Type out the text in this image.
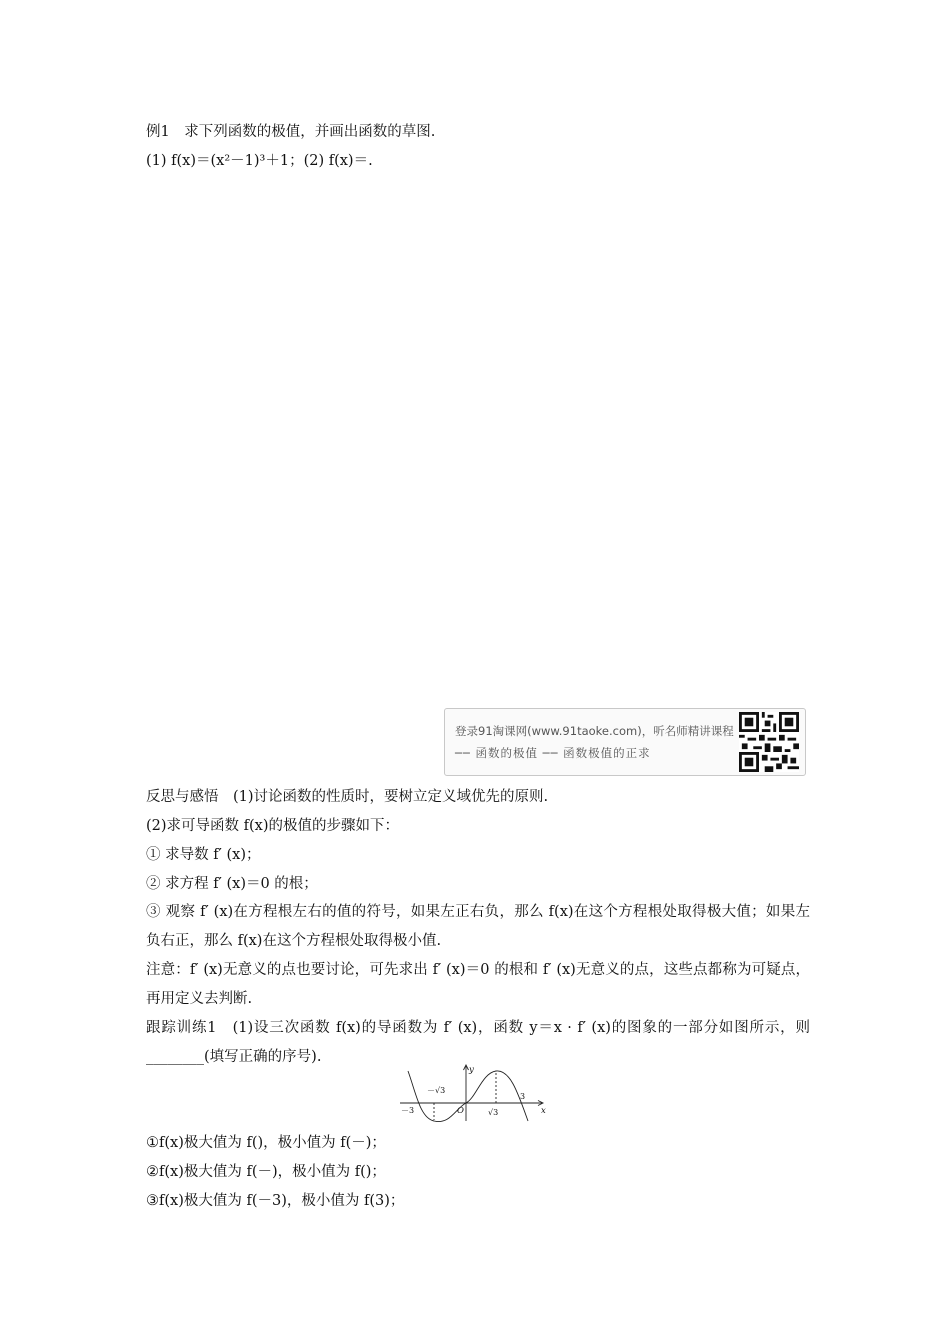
例1　求下列函数的极值，并画出函数的草图.
(1) f(x)＝(x²－1)³＋1；(2) f(x)＝.
登录91淘课网(www.91taoke.com)，听名师精讲课程
── 函数的极值 ── 函数极值的正求
反思与感悟　(1)讨论函数的性质时，要树立定义域优先的原则.
(2)求可导函数 f(x)的极值的步骤如下：
① 求导数 f′ (x)；
② 求方程 f′ (x)＝0 的根；
③ 观察 f′ (x)在方程根左右的值的符号，如果左正右负，那么 f(x)在这个方程根处取得极大值；如果左负右正，那么 f(x)在这个方程根处取得极小值.
注意：f′ (x)无意义的点也要讨论，可先求出 f′ (x)＝0 的根和 f′ (x)无意义的点，这些点都称为可疑点，再用定义去判断.
跟踪训练1　(1)设三次函数 f(x)的导函数为 f′ (x)，函数 y＝x · f′ (x)的图象的一部分如图所示，则________(填写正确的序号).
y
x
O
－√3
√3
－3
3
①f(x)极大值为 f()，极小值为 f(－)；
②f(x)极大值为 f(－)，极小值为 f()；
③f(x)极大值为 f(－3)，极小值为 f(3)；
